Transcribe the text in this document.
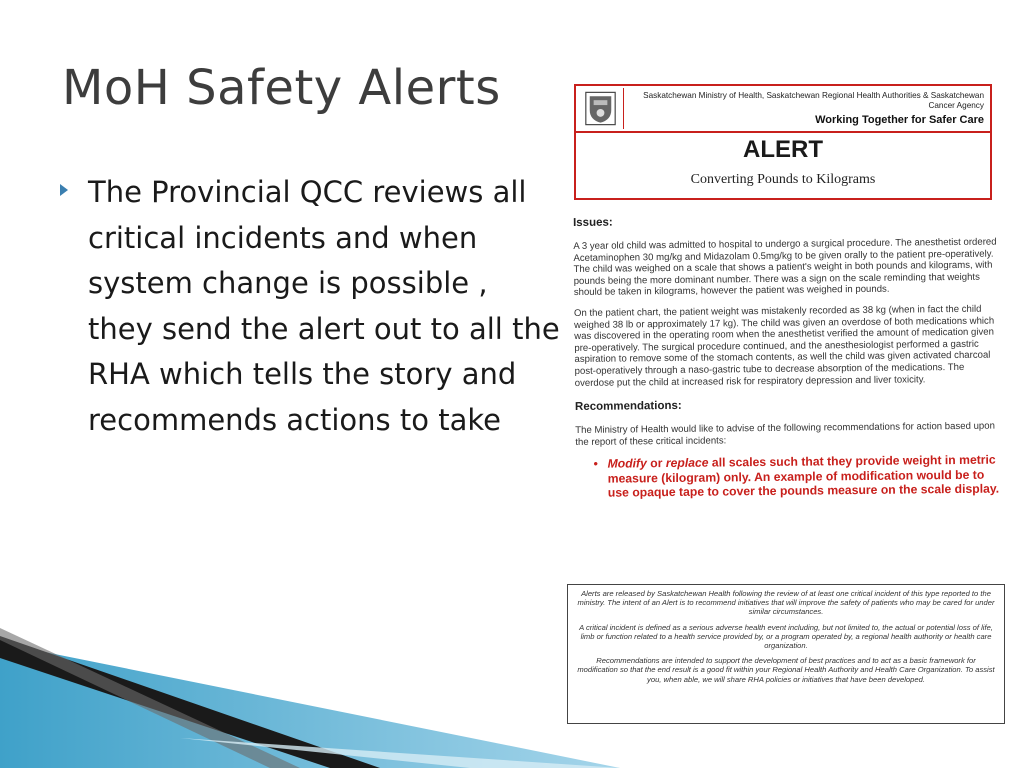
MoH Safety Alerts
The Provincial QCC reviews all critical incidents and when system change is possible , they send the alert out to all the RHA which tells the story and recommends actions to take
Saskatchewan Ministry of Health, Saskatchewan Regional Health Authorities & Saskatchewan Cancer Agency
Working Together for Safer Care
ALERT
Converting Pounds to Kilograms
Issues:
A 3 year old child was admitted to hospital to undergo a surgical procedure. The anesthetist ordered Acetaminophen 30 mg/kg and Midazolam 0.5mg/kg to be given orally to the patient pre-operatively. The child was weighed on a scale that shows a patient's weight in both pounds and kilograms, with pounds being the more dominant number. There was a sign on the scale reminding that weights should be taken in kilograms, however the patient was weighed in pounds.
On the patient chart, the patient weight was mistakenly recorded as 38 kg (when in fact the child weighed 38 lb or approximately 17 kg). The child was given an overdose of both medications which was discovered in the operating room when the anesthetist verified the amount of medication given pre-operatively. The surgical procedure continued, and the anesthesiologist performed a gastric aspiration to remove some of the stomach contents, as well the child was given activated charcoal post-operatively through a naso-gastric tube to decrease absorption of the medications. The overdose put the child at increased risk for respiratory depression and liver toxicity.
Recommendations:
The Ministry of Health would like to advise of the following recommendations for action based upon the report of these critical incidents:
• Modify or replace all scales such that they provide weight in metric measure (kilogram) only. An example of modification would be to use opaque tape to cover the pounds measure on the scale display.

Alerts are released by Saskatchewan Health following the review of at least one critical incident of this type reported to the ministry. The intent of an Alert is to recommend initiatives that will improve the safety of patients who may be cared for under similar circumstances.

A critical incident is defined as a serious adverse health event including, but not limited to, the actual or potential loss of life, limb or function related to a health service provided by, or a program operated by, a regional health authority or health care organization.

Recommendations are intended to support the development of best practices and to act as a basic framework for modification so that the end result is a good fit within your Regional Health Authority and Health Care Organization. To assist you, when able, we will share RHA policies or initiatives that have been developed.
